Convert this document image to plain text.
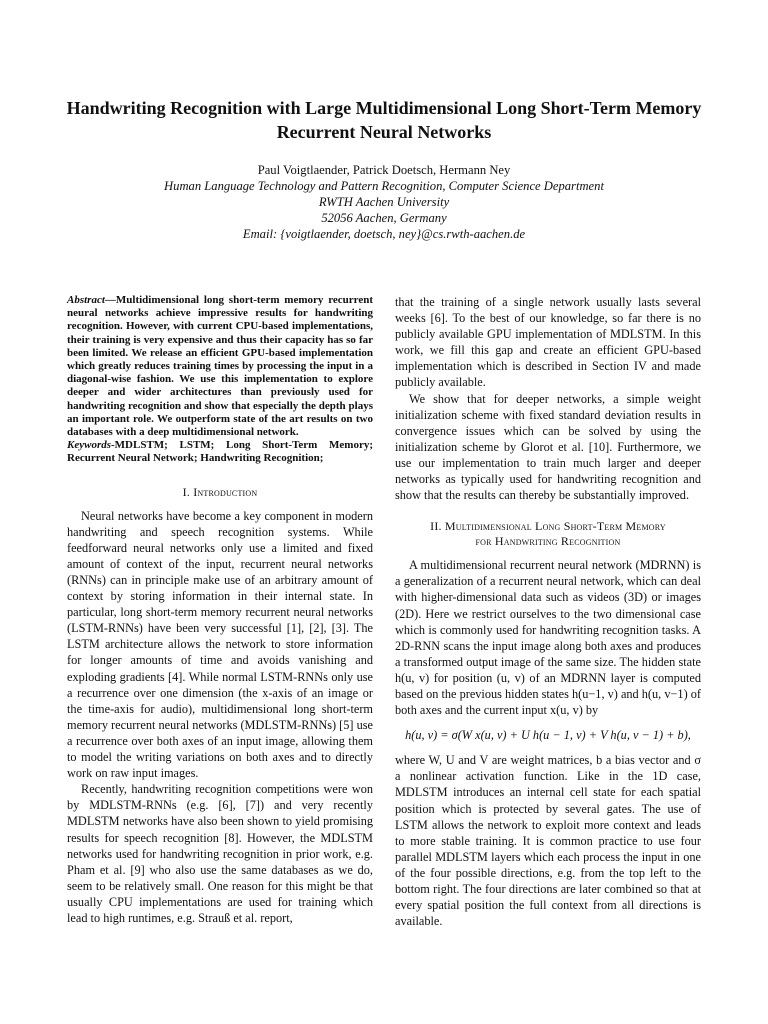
Handwriting Recognition with Large Multidimensional Long Short-Term Memory
Recurrent Neural Networks
Paul Voigtlaender, Patrick Doetsch, Hermann Ney
Human Language Technology and Pattern Recognition, Computer Science Department
RWTH Aachen University
52056 Aachen, Germany
Email: {voigtlaender, doetsch, ney}@cs.rwth-aachen.de

Abstract—Multidimensional long short-term memory recurrent neural networks achieve impressive results for handwriting recognition. However, with current CPU-based implementations, their training is very expensive and thus their capacity has so far been limited. We release an efficient GPU-based implementation which greatly reduces training times by processing the input in a diagonal-wise fashion. We use this implementation to explore deeper and wider architectures than previously used for handwriting recognition and show that especially the depth plays an important role. We outperform state of the art results on two databases with a deep multidimensional network.

Keywords-MDLSTM; LSTM; Long Short-Term Memory; Recurrent Neural Network; Handwriting Recognition;

I. Introduction

Neural networks have become a key component in modern handwriting and speech recognition systems. While feedforward neural networks only use a limited and fixed amount of context of the input, recurrent neural networks (RNNs) can in principle make use of an arbitrary amount of context by storing information in their internal state. In particular, long short-term memory recurrent neural networks (LSTM-RNNs) have been very successful [1], [2], [3]. The LSTM architecture allows the network to store information for longer amounts of time and avoids vanishing and exploding gradients [4]. While normal LSTM-RNNs only use a recurrence over one dimension (the x-axis of an image or the time-axis for audio), multidimensional long short-term memory recurrent neural networks (MDLSTM-RNNs) [5] use a recurrence over both axes of an input image, allowing them to model the writing variations on both axes and to directly work on raw input images.

Recently, handwriting recognition competitions were won by MDLSTM-RNNs (e.g. [6], [7]) and very recently MDLSTM networks have also been shown to yield promising results for speech recognition [8]. However, the MDLSTM networks used for handwriting recognition in prior work, e.g. Pham et al. [9] who also use the same databases as we do, seem to be relatively small. One reason for this might be that usually CPU implementations are used for training which lead to high runtimes, e.g. Strauß et al. report,

that the training of a single network usually lasts several weeks [6]. To the best of our knowledge, so far there is no publicly available GPU implementation of MDLSTM. In this work, we fill this gap and create an efficient GPU-based implementation which is described in Section IV and made publicly available.

We show that for deeper networks, a simple weight initialization scheme with fixed standard deviation results in convergence issues which can be solved by using the initialization scheme by Glorot et al. [10]. Furthermore, we use our implementation to train much larger and deeper networks as typically used for handwriting recognition and show that the results can thereby be substantially improved.

II. Multidimensional Long Short-Term Memory
for Handwriting Recognition

A multidimensional recurrent neural network (MDRNN) is a generalization of a recurrent neural network, which can deal with higher-dimensional data such as videos (3D) or images (2D). Here we restrict ourselves to the two dimensional case which is commonly used for handwriting recognition tasks. A 2D-RNN scans the input image along both axes and produces a transformed output image of the same size. The hidden state h(u, v) for position (u, v) of an MDRNN layer is computed based on the previous hidden states h(u−1, v) and h(u, v−1) of both axes and the current input x(u, v) by

h(u, v) = σ(W x(u, v) + U h(u − 1, v) + V h(u, v − 1) + b),

where W, U and V are weight matrices, b a bias vector and σ a nonlinear activation function. Like in the 1D case, MDLSTM introduces an internal cell state for each spatial position which is protected by several gates. The use of LSTM allows the network to exploit more context and leads to more stable training. It is common practice to use four parallel MDLSTM layers which each process the input in one of the four possible directions, e.g. from the top left to the bottom right. The four directions are later combined so that at every spatial position the full context from all directions is available.
